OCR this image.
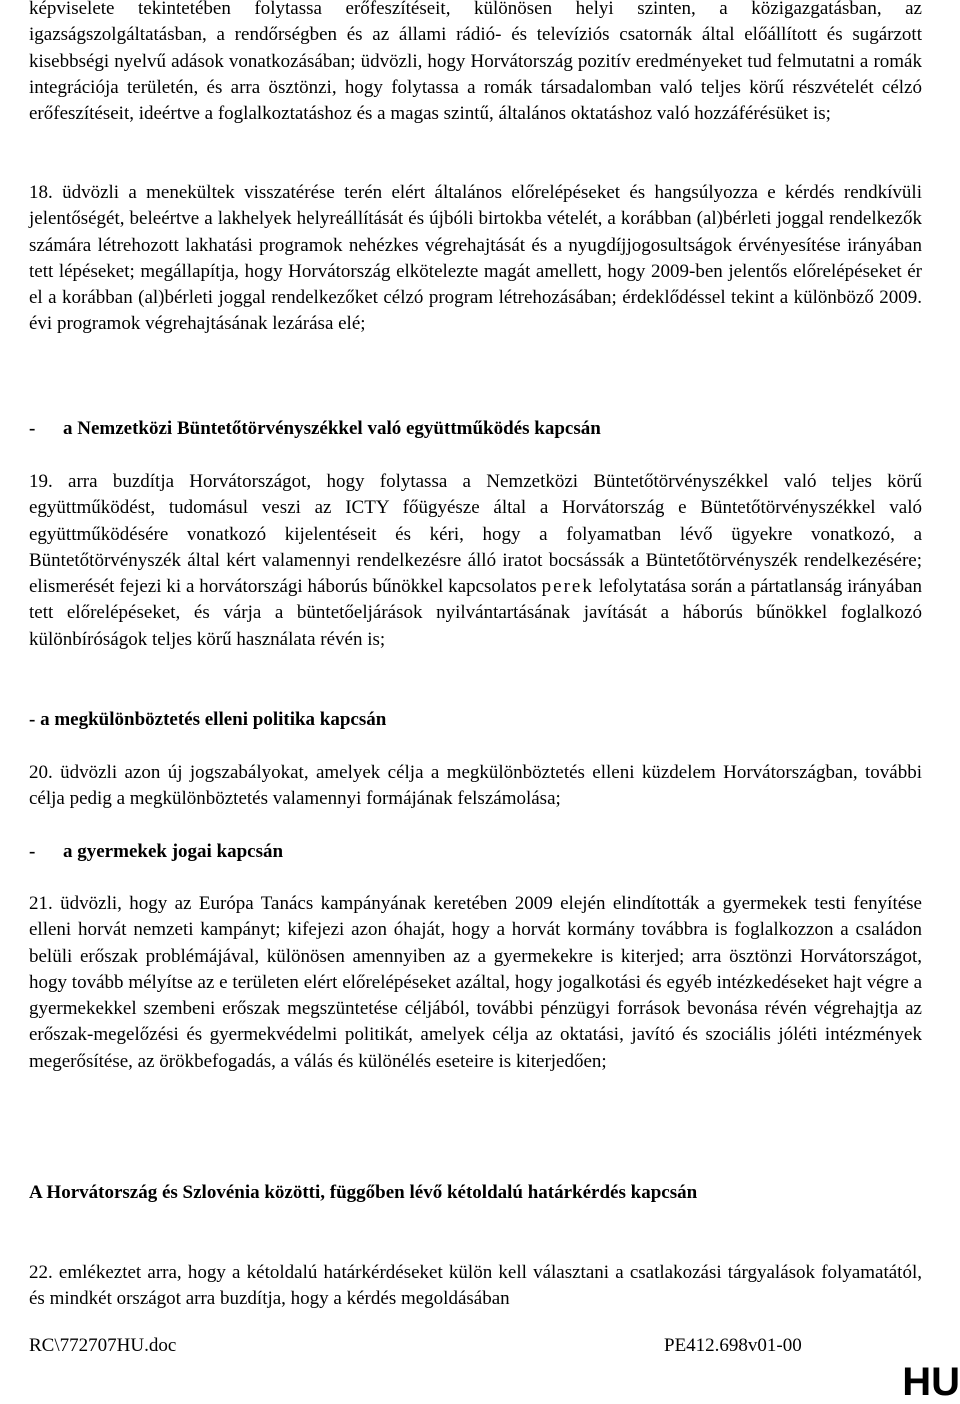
képviselete tekintetében folytassa erőfeszítéseit, különösen helyi szinten, a közigazgatásban, az igazságszolgáltatásban, a rendőrségben és az állami rádió- és televíziós csatornák által előállított és sugárzott kisebbségi nyelvű adások vonatkozásában; üdvözli, hogy Horvátország pozitív eredményeket tud felmutatni a romák integrációja területén, és arra ösztönzi, hogy folytassa a romák társadalomban való teljes körű részvételét célzó erőfeszítéseit, ideértve a foglalkoztatáshoz és a magas szintű, általános oktatáshoz való hozzáférésüket is;

18. üdvözli a menekültek visszatérése terén elért általános előrelépéseket és hangsúlyozza e kérdés rendkívüli jelentőségét, beleértve a lakhelyek helyreállítását és újbóli birtokba vételét, a korábban (al)bérleti joggal rendelkezők számára létrehozott lakhatási programok nehézkes végrehajtását és a nyugdíjjogosultságok érvényesítése irányában tett lépéseket; megállapítja, hogy Horvátország elkötelezte magát amellett, hogy 2009-ben jelentős előrelépéseket ér el a korábban (al)bérleti joggal rendelkezőket célzó program létrehozásában; érdeklődéssel tekint a különböző 2009. évi programok végrehajtásának lezárása elé;

- a Nemzetközi Büntetőtörvényszékkel való együttműködés kapcsán

19. arra buzdítja Horvátországot, hogy folytassa a Nemzetközi Büntetőtörvényszékkel való teljes körű együttműködést, tudomásul veszi az ICTY főügyésze által a Horvátország e Büntetőtörvényszékkel való együttműködésére vonatkozó kijelentéseit és kéri, hogy a folyamatban lévő ügyekre vonatkozó, a Büntetőtörvényszék által kért valamennyi rendelkezésre álló iratot bocsássák a Büntetőtörvényszék rendelkezésére; elismerését fejezi ki a horvátországi háborús bűnökkel kapcsolatos perek lefolytatása során a pártatlanság irányában tett előrelépéseket, és várja a büntetőeljárások nyilvántartásának javítását a háborús bűnökkel foglalkozó különbíróságok teljes körű használata révén is;

- a megkülönböztetés elleni politika kapcsán

20. üdvözli azon új jogszabályokat, amelyek célja a megkülönböztetés elleni küzdelem Horvátországban, további célja pedig a megkülönböztetés valamennyi formájának felszámolása;

- a gyermekek jogai kapcsán

21. üdvözli, hogy az Európa Tanács kampányának keretében 2009 elején elindították a gyermekek testi fenyítése elleni horvát nemzeti kampányt; kifejezi azon óhaját, hogy a horvát kormány továbbra is foglalkozzon a családon belüli erőszak problémájával, különösen amennyiben az a gyermekekre is kiterjed; arra ösztönzi Horvátországot, hogy tovább mélyítse az e területen elért előrelépéseket azáltal, hogy jogalkotási és egyéb intézkedéseket hajt végre a gyermekekkel szembeni erőszak megszüntetése céljából, további pénzügyi források bevonása révén végrehajtja az erőszak-megelőzési és gyermekvédelmi politikát, amelyek célja az oktatási, javító és szociális jóléti intézmények megerősítése, az örökbefogadás, a válás és különélés eseteire is kiterjedően;

A Horvátország és Szlovénia közötti, függőben lévő kétoldalú határkérdés kapcsán

22. emlékeztet arra, hogy a kétoldalú határkérdéseket külön kell választani a csatlakozási tárgyalások folyamatától, és mindkét országot arra buzdítja, hogy a kérdés megoldásában

RC\772707HU.doc	PE412.698v01-00
HU
